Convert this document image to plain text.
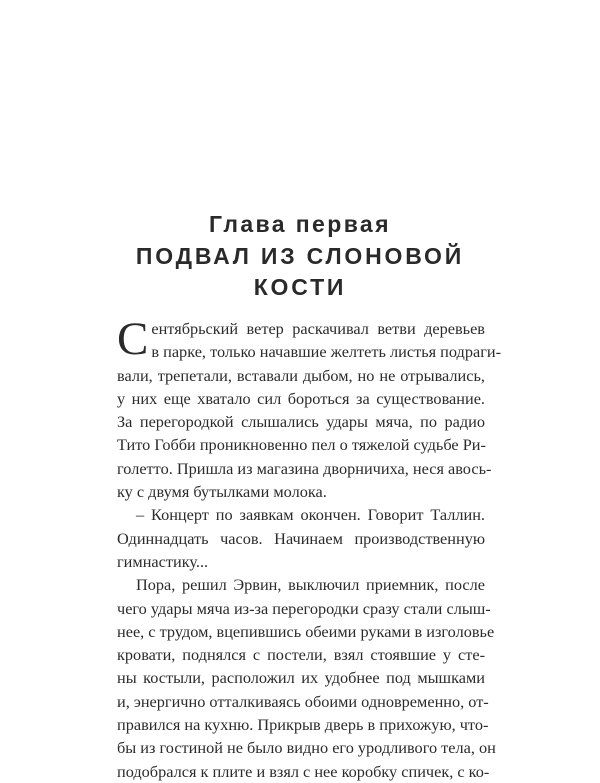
Глава первая
ПОДВАЛ ИЗ СЛОНОВОЙ
КОСТИ
С ентябрьский ветер раскачивал ветви деревьев
в парке, только начавшие желтеть листья подраги-
вали, трепетали, вставали дыбом, но не отрывались,
у них еще хватало сил бороться за существование.
За перегородкой слышались удары мяча, по радио
Тито Гобби проникновенно пел о тяжелой судьбе Ри-
голетто. Пришла из магазина дворничиха, неся авось-
ку с двумя бутылками молока.
– Концерт по заявкам окончен. Говорит Таллин.
Одиннадцать часов. Начинаем производственную
гимнастику...
Пора, решил Эрвин, выключил приемник, после
чего удары мяча из-за перегородки сразу стали слыш-
нее, с трудом, вцепившись обеими руками в изголовье
кровати, поднялся с постели, взял стоявшие у сте-
ны костыли, расположил их удобнее под мышками
и, энергично отталкиваясь обоими одновременно, от-
правился на кухню. Прикрыв дверь в прихожую, что-
бы из гостиной не было видно его уродливого тела, он
подобрался к плите и взял с нее коробку спичек, с ко-
